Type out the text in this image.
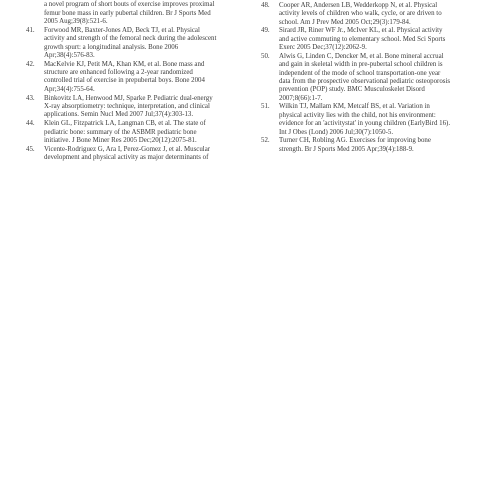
a novel program of short bouts of exercise improves proximal
femur bone mass in early pubertal children. Br J Sports Med
2005 Aug;39(8):521-6.
41.	Forwood MR, Baxter-Jones AD, Beck TJ, et al. Physical
activity and strength of the femoral neck during the adolescent
growth spurt: a longitudinal analysis. Bone 2006
Apr;38(4):576-83.
42.	MacKelvie KJ, Petit MA, Khan KM, et al. Bone mass and
structure are enhanced following a 2-year randomized
controlled trial of exercise in prepubertal boys. Bone 2004
Apr;34(4):755-64.
43.	Binkovitz LA, Henwood MJ, Sparke P. Pediatric dual-energy
X-ray absorptiometry: technique, interpretation, and clinical
applications. Semin Nucl Med 2007 Jul;37(4):303-13.
44.	Klein GL, Fitzpatrick LA, Langman CB, et al. The state of
pediatric bone: summary of the ASBMR pediatric bone
initiative. J Bone Miner Res 2005 Dec;20(12):2075-81.
45.	Vicente-Rodriguez G, Ara I, Perez-Gomez J, et al. Muscular
development and physical activity as major determinants of
48.	Cooper AR, Andersen LB, Wedderkopp N, et al. Physical
activity levels of children who walk, cycle, or are driven to
school. Am J Prev Med 2005 Oct;29(3):179-84.
49.	Sirard JR, Riner WF Jr., McIver KL, et al. Physical activity
and active commuting to elementary school. Med Sci Sports
Exerc 2005 Dec;37(12):2062-9.
50.	Alwis G, Linden C, Dencker M, et al. Bone mineral accrual
and gain in skeletal width in pre-pubertal school children is
independent of the mode of school transportation-one year
data from the prospective observational pediatric osteoporosis
prevention (POP) study. BMC Musculoskelet Disord
2007;8(66):1-7.
51.	Wilkin TJ, Mallam KM, Metcalf BS, et al. Variation in
physical activity lies with the child, not his environment:
evidence for an 'activitystat' in young children (EarlyBird 16).
Int J Obes (Lond) 2006 Jul;30(7):1050-5.
52.	Turner CH, Robling AG. Exercises for improving bone
strength. Br J Sports Med 2005 Apr;39(4):188-9.
